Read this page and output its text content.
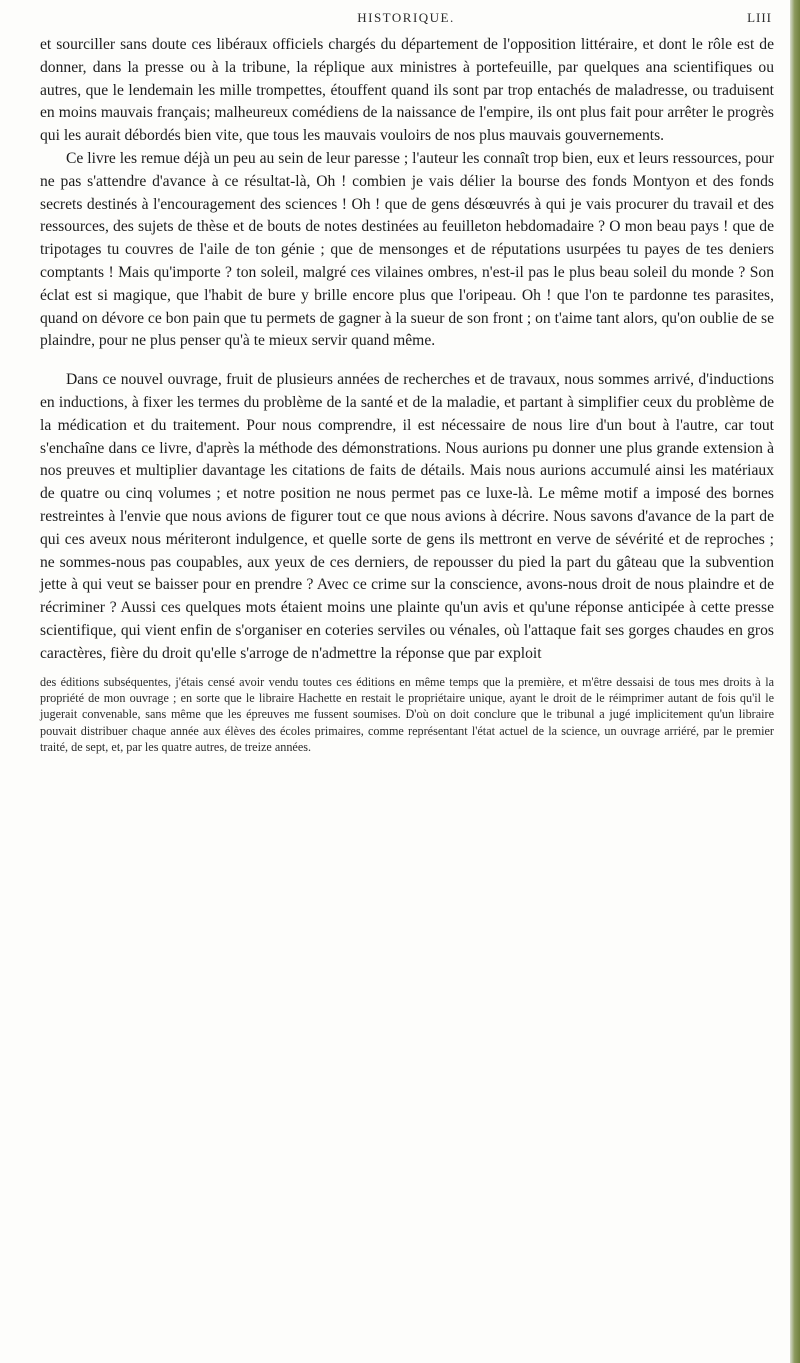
HISTORIQUE.	LIII

et sourciller sans doute ces libéraux officiels chargés du département de l'opposition littéraire, et dont le rôle est de donner, dans la presse ou à la tribune, la réplique aux ministres à portefeuille, par quelques ana scientifiques ou autres, que le lendemain les mille trompettes, étouffent quand ils sont par trop entachés de maladresse, ou traduisent en moins mauvais français; malheureux comédiens de la naissance de l'empire, ils ont plus fait pour arrêter le progrès qui les aurait débordés bien vite, que tous les mauvais vouloirs de nos plus mauvais gouvernements.

Ce livre les remue déjà un peu au sein de leur paresse ; l'auteur les connaît trop bien, eux et leurs ressources, pour ne pas s'attendre d'avance à ce résultat-là, Oh ! combien je vais délier la bourse des fonds Montyon et des fonds secrets destinés à l'encouragement des sciences ! Oh ! que de gens désœuvrés à qui je vais procurer du travail et des ressources, des sujets de thèse et de bouts de notes destinées au feuilleton hebdomadaire ? O mon beau pays ! que de tripotages tu couvres de l'aile de ton génie ; que de mensonges et de réputations usurpées tu payes de tes deniers comptants ! Mais qu'importe ? ton soleil, malgré ces vilaines ombres, n'est-il pas le plus beau soleil du monde ? Son éclat est si magique, que l'habit de bure y brille encore plus que l'oripeau. Oh ! que l'on te pardonne tes parasites, quand on dévore ce bon pain que tu permets de gagner à la sueur de son front ; on t'aime tant alors, qu'on oublie de se plaindre, pour ne plus penser qu'à te mieux servir quand même.

Dans ce nouvel ouvrage, fruit de plusieurs années de recherches et de travaux, nous sommes arrivé, d'inductions en inductions, à fixer les termes du problème de la santé et de la maladie, et partant à simplifier ceux du problème de la médication et du traitement. Pour nous comprendre, il est nécessaire de nous lire d'un bout à l'autre, car tout s'enchaîne dans ce livre, d'après la méthode des démonstrations. Nous aurions pu donner une plus grande extension à nos preuves et multiplier davantage les citations de faits de détails. Mais nous aurions accumulé ainsi les matériaux de quatre ou cinq volumes ; et notre position ne nous permet pas ce luxe-là. Le même motif a imposé des bornes restreintes à l'envie que nous avions de figurer tout ce que nous avions à décrire. Nous savons d'avance de la part de qui ces aveux nous mériteront indulgence, et quelle sorte de gens ils mettront en verve de sévérité et de reproches ; ne sommes-nous pas coupables, aux yeux de ces derniers, de repousser du pied la part du gâteau que la subvention jette à qui veut se baisser pour en prendre ? Avec ce crime sur la conscience, avons-nous droit de nous plaindre et de récriminer ? Aussi ces quelques mots étaient moins une plainte qu'un avis et qu'une réponse anticipée à cette presse scientifique, qui vient enfin de s'organiser en coteries serviles ou vénales, où l'attaque fait ses gorges chaudes en gros caractères, fière du droit qu'elle s'arroge de n'admettre la réponse que par exploit

des éditions subséquentes, j'étais censé avoir vendu toutes ces éditions en même temps que la première, et m'être dessaisi de tous mes droits à la propriété de mon ouvrage ; en sorte que le libraire Hachette en restait le propriétaire unique, ayant le droit de le réimprimer autant de fois qu'il le jugerait convenable, sans même que les épreuves me fussent soumises. D'où on doit conclure que le tribunal a jugé implicitement qu'un libraire pouvait distribuer chaque année aux élèves des écoles primaires, comme représentant l'état actuel de la science, un ouvrage arriéré, par le premier traité, de sept, et, par les quatre autres, de treize années.
